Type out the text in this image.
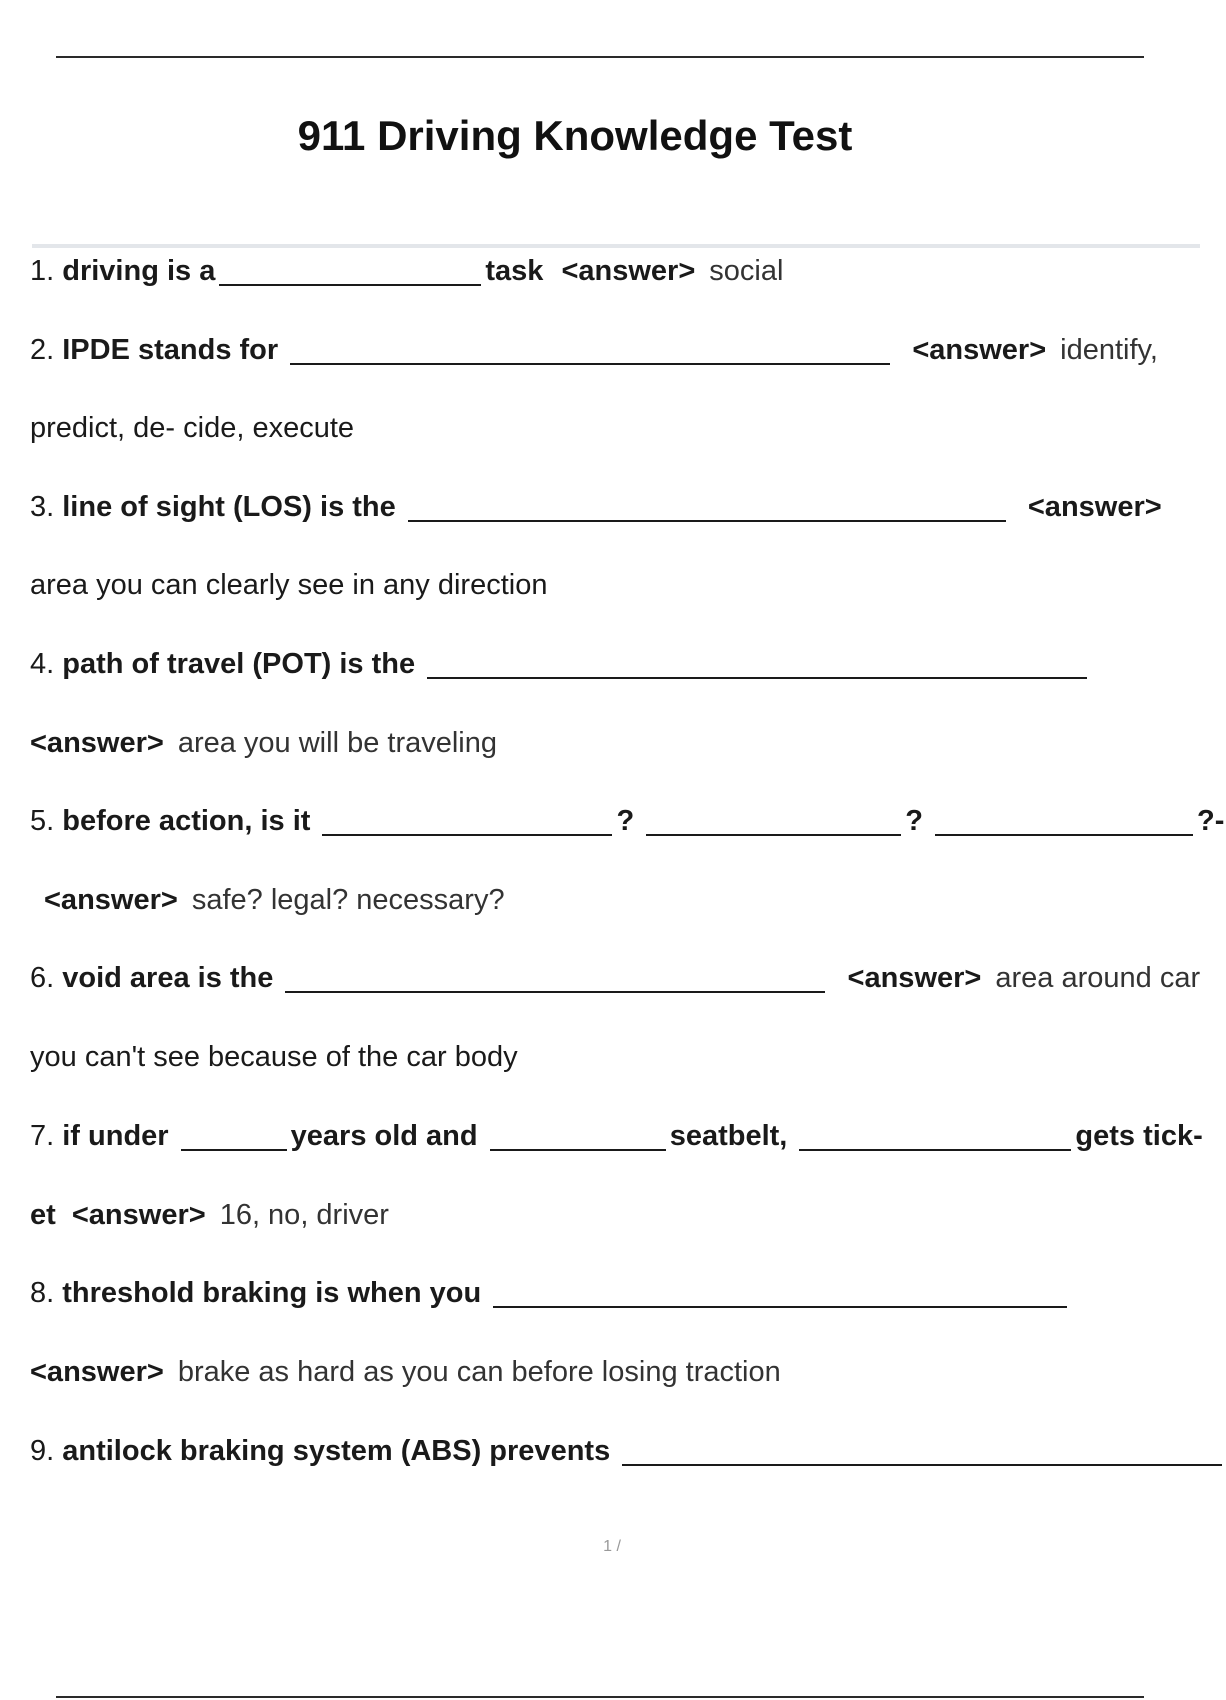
911 Driving Knowledge Test
1. driving is a	task <answer> social
2. IPDE stands for	<answer> identify,
predict, de- cide, execute
3. line of sight (LOS) is the	<answer>
area you can clearly see in any direction
4. path of travel (POT) is the
<answer> area you will be traveling
5. before action, is it	?	?	?-
<answer> safe? legal? necessary?
6. void area is the	<answer> area around car
you can't see because of the car body
7. if under	years old and	seatbelt,	gets tick-
et <answer> 16, no, driver
8. threshold braking is when you
<answer> brake as hard as you can before losing traction
9. antilock braking system (ABS) prevents
1 /
